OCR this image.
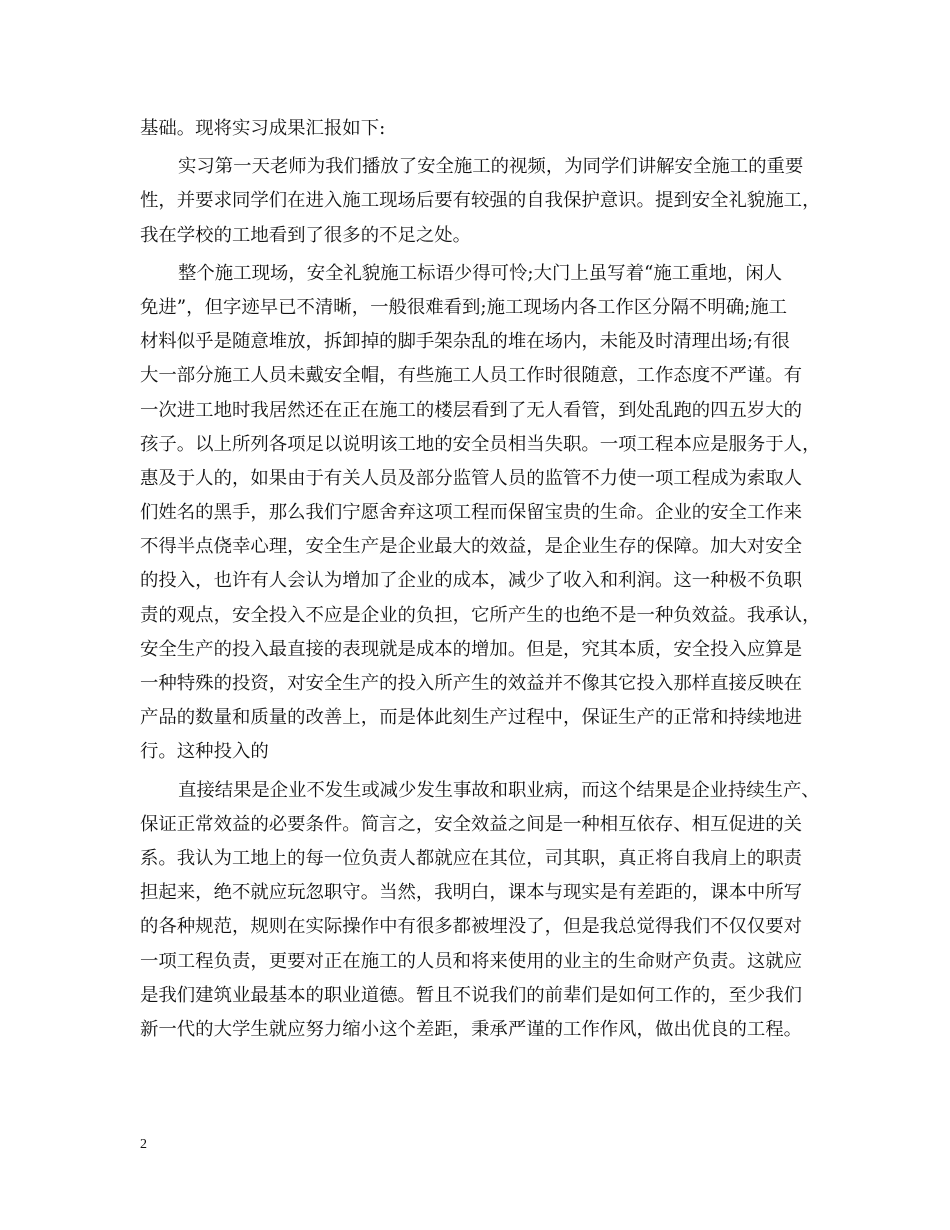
基础。现将实习成果汇报如下:
实习第一天老师为我们播放了安全施工的视频，为同学们讲解安全施工的重要
性，并要求同学们在进入施工现场后要有较强的自我保护意识。提到安全礼貌施工，
我在学校的工地看到了很多的不足之处。
整个施工现场，安全礼貌施工标语少得可怜;大门上虽写着“施工重地，闲人
免进”，但字迹早已不清晰，一般很难看到;施工现场内各工作区分隔不明确;施工
材料似乎是随意堆放，拆卸掉的脚手架杂乱的堆在场内，未能及时清理出场;有很
大一部分施工人员未戴安全帽，有些施工人员工作时很随意，工作态度不严谨。有
一次进工地时我居然还在正在施工的楼层看到了无人看管，到处乱跑的四五岁大的
孩子。以上所列各项足以说明该工地的安全员相当失职。一项工程本应是服务于人，
惠及于人的，如果由于有关人员及部分监管人员的监管不力使一项工程成为索取人
们姓名的黑手，那么我们宁愿舍弃这项工程而保留宝贵的生命。企业的安全工作来
不得半点侥幸心理，安全生产是企业最大的效益，是企业生存的保障。加大对安全
的投入，也许有人会认为增加了企业的成本，减少了收入和利润。这一种极不负职
责的观点，安全投入不应是企业的负担，它所产生的也绝不是一种负效益。我承认，
安全生产的投入最直接的表现就是成本的增加。但是，究其本质，安全投入应算是
一种特殊的投资，对安全生产的投入所产生的效益并不像其它投入那样直接反映在
产品的数量和质量的改善上，而是体此刻生产过程中，保证生产的正常和持续地进
行。这种投入的
直接结果是企业不发生或减少发生事故和职业病，而这个结果是企业持续生产、
保证正常效益的必要条件。简言之，安全效益之间是一种相互依存、相互促进的关
系。我认为工地上的每一位负责人都就应在其位，司其职，真正将自我肩上的职责
担起来，绝不就应玩忽职守。当然，我明白，课本与现实是有差距的，课本中所写
的各种规范，规则在实际操作中有很多都被埋没了，但是我总觉得我们不仅仅要对
一项工程负责，更要对正在施工的人员和将来使用的业主的生命财产负责。这就应
是我们建筑业最基本的职业道德。暂且不说我们的前辈们是如何工作的，至少我们
新一代的大学生就应努力缩小这个差距，秉承严谨的工作作风，做出优良的工程。
2
